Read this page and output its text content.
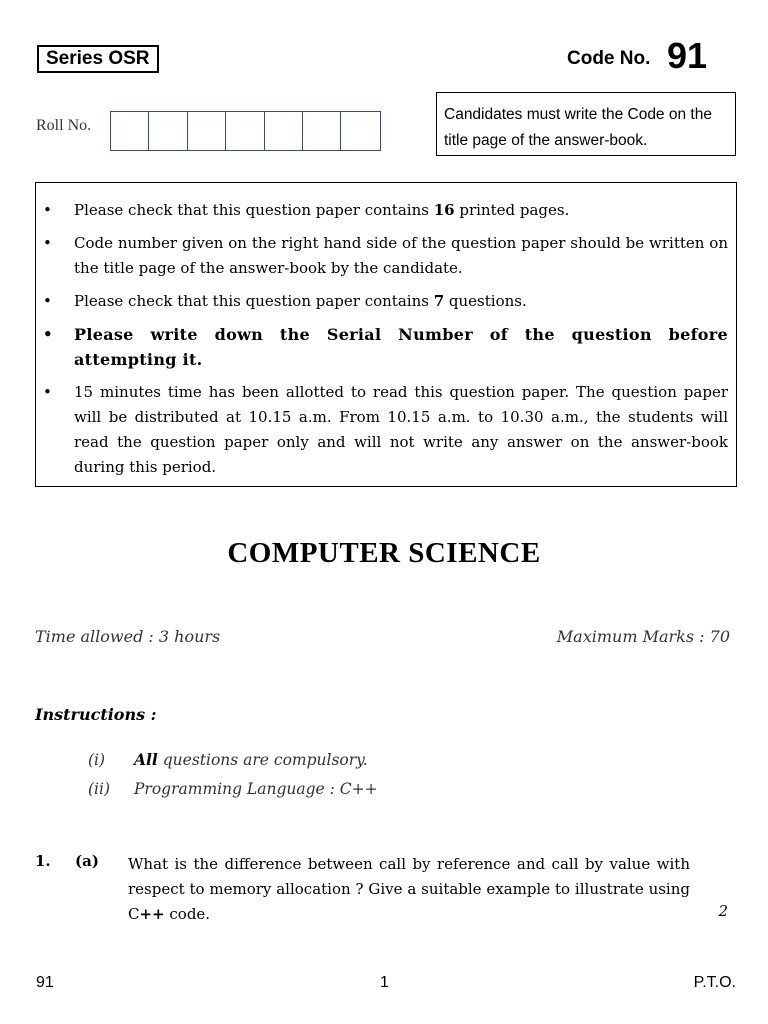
Series OSR	Code No. 91
Roll No.
Candidates must write the Code on the title page of the answer-book.
• Please check that this question paper contains 16 printed pages.
• Code number given on the right hand side of the question paper should be written on the title page of the answer-book by the candidate.
• Please check that this question paper contains 7 questions.
• Please write down the Serial Number of the question before attempting it.
• 15 minutes time has been allotted to read this question paper. The question paper will be distributed at 10.15 a.m. From 10.15 a.m. to 10.30 a.m., the students will read the question paper only and will not write any answer on the answer-book during this period.
COMPUTER SCIENCE
Time allowed : 3 hours	Maximum Marks : 70
Instructions :
(i) All questions are compulsory.
(ii) Programming Language : C++
1. (a) What is the difference between call by reference and call by value with respect to memory allocation ? Give a suitable example to illustrate using C++ code.	2
91	1	P.T.O.
